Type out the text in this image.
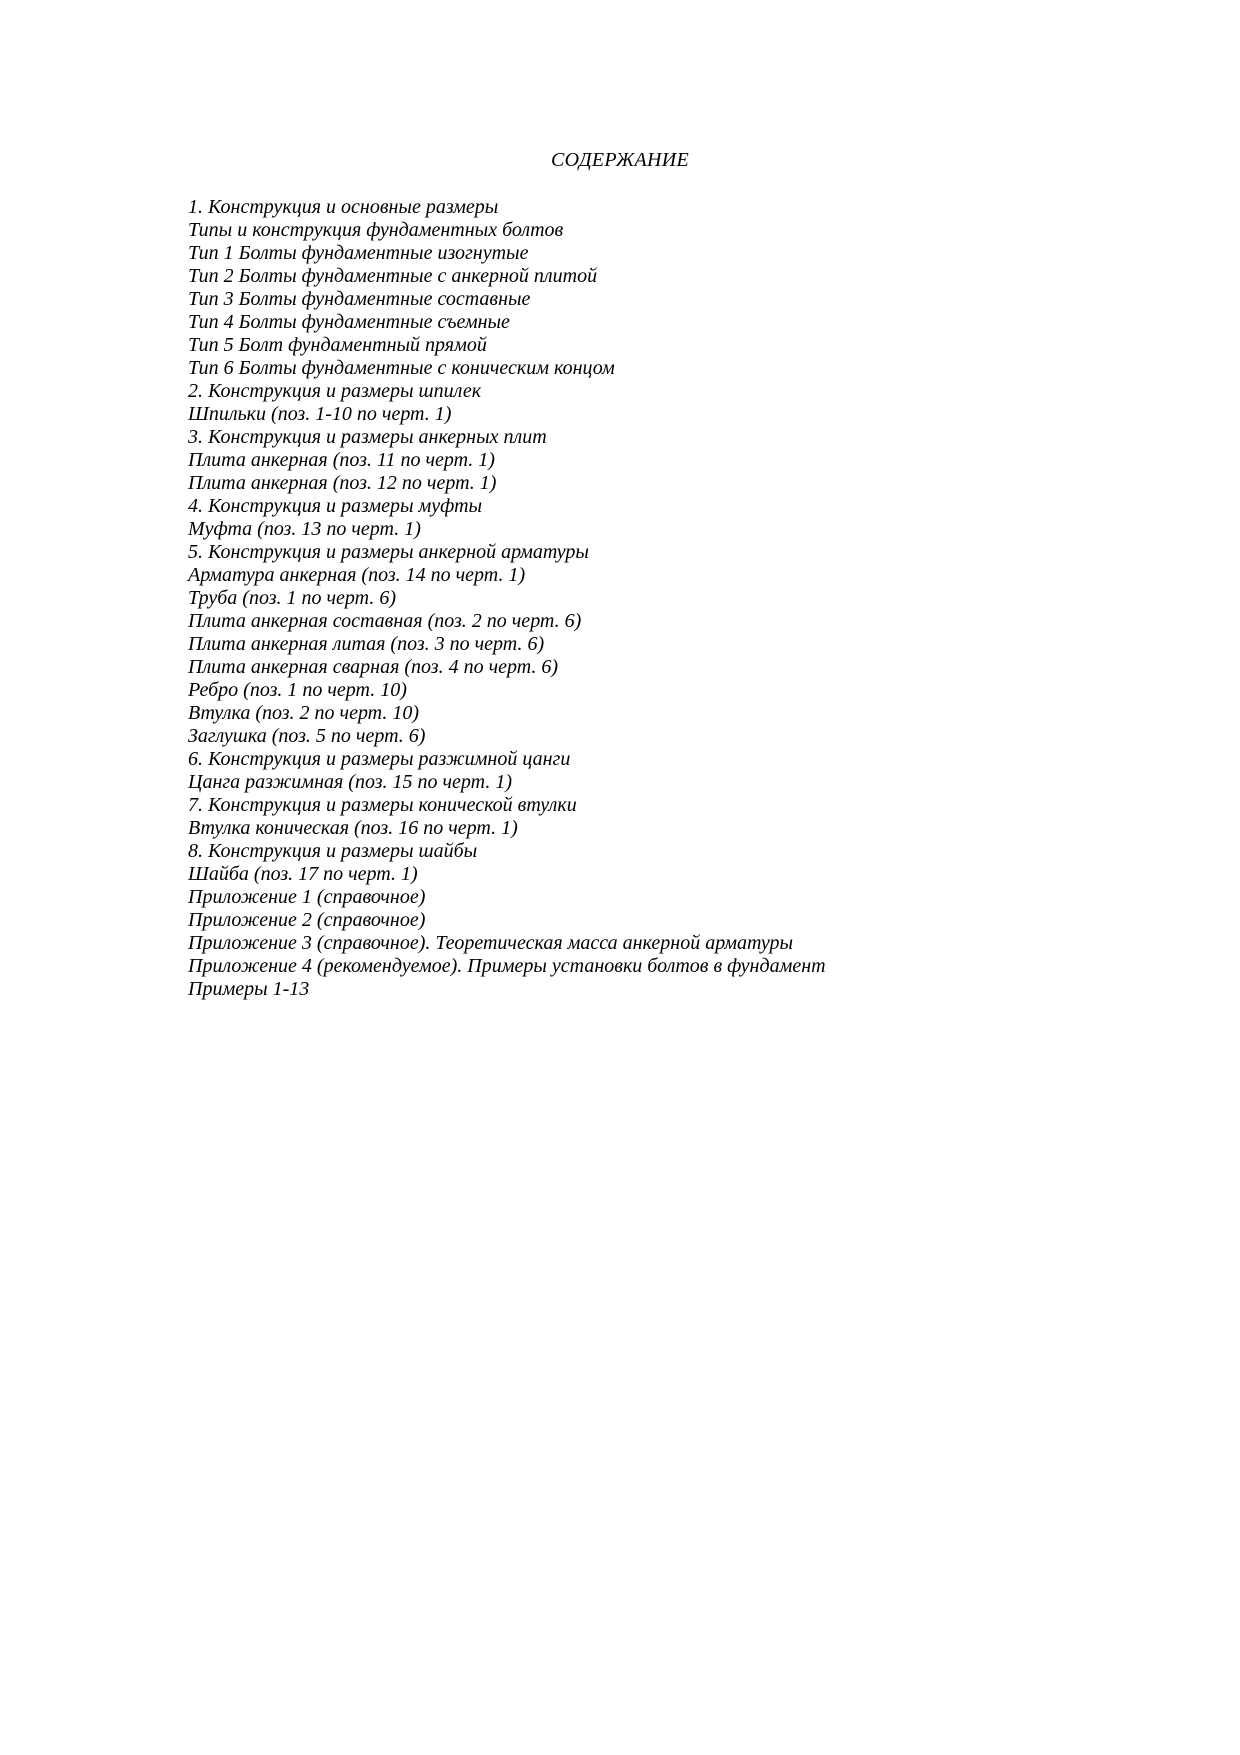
СОДЕРЖАНИЕ
1. Конструкция и основные размеры
Типы и конструкция фундаментных болтов
Тип 1 Болты фундаментные изогнутые
Тип 2 Болты фундаментные с анкерной плитой
Тип 3 Болты фундаментные составные
Тип 4 Болты фундаментные съемные
Тип 5 Болт фундаментный прямой
Тип 6 Болты фундаментные с коническим концом
2. Конструкция и размеры шпилек
Шпильки (поз. 1-10 по черт. 1)
3. Конструкция и размеры анкерных плит
Плита анкерная (поз. 11 по черт. 1)
Плита анкерная (поз. 12 по черт. 1)
4. Конструкция и размеры муфты
Муфта (поз. 13 по черт. 1)
5. Конструкция и размеры анкерной арматуры
Арматура анкерная (поз. 14 по черт. 1)
Труба (поз. 1 по черт. 6)
Плита анкерная составная (поз. 2 по черт. 6)
Плита анкерная литая (поз. 3 по черт. 6)
Плита анкерная сварная (поз. 4 по черт. 6)
Ребро (поз. 1 по черт. 10)
Втулка (поз. 2 по черт. 10)
Заглушка (поз. 5 по черт. 6)
6. Конструкция и размеры разжимной цанги
Цанга разжимная (поз. 15 по черт. 1)
7. Конструкция и размеры конической втулки
Втулка коническая (поз. 16 по черт. 1)
8. Конструкция и размеры шайбы
Шайба (поз. 17 по черт. 1)
Приложение 1 (справочное)
Приложение 2 (справочное)
Приложение 3 (справочное). Теоретическая масса анкерной арматуры
Приложение 4 (рекомендуемое). Примеры установки болтов в фундамент
Примеры 1-13
